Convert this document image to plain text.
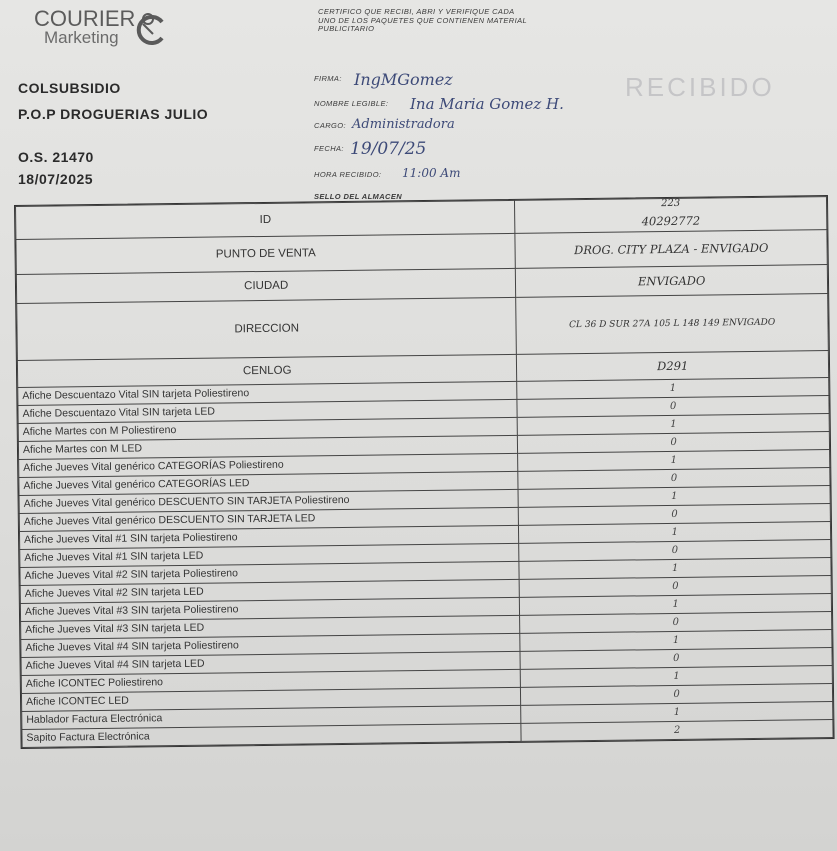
COURIER
Marketing
COLSUBSIDIO
P.O.P DROGUERIAS JULIO
O.S. 21470
18/07/2025
CERTIFICO QUE RECIBI, ABRI Y VERIFIQUE CADA UNO DE LOS PAQUETES QUE CONTIENEN MATERIAL PUBLICITARIO
FIRMA: IngMGomez
NOMBRE LEGIBLE: Ina Maria Gomez H.
CARGO: Administradora
FECHA: 19/07/25
HORA RECIBIDO: 11:00 Am
SELLO DEL ALMACEN
RECIBIDO
ID	223
40292772

PUNTO DE VENTA	DROG. CITY PLAZA - ENVIGADO
CIUDAD	ENVIGADO
DIRECCION	CL 36 D SUR 27A 105 L 148 149 ENVIGADO
CENLOG	D291
Afiche Descuentazo Vital SIN tarjeta Poliestireno	1
Afiche Descuentazo Vital SIN tarjeta LED	0
Afiche Martes con M Poliestireno	1
Afiche Martes con M LED	0
Afiche Jueves Vital genérico CATEGORÍAS Poliestireno	1
Afiche Jueves Vital genérico CATEGORÍAS LED	0
Afiche Jueves Vital genérico DESCUENTO SIN TARJETA Poliestireno	1
Afiche Jueves Vital genérico DESCUENTO SIN TARJETA LED	0
Afiche Jueves Vital #1 SIN tarjeta Poliestireno	1
Afiche Jueves Vital #1 SIN tarjeta LED	0
Afiche Jueves Vital #2 SIN tarjeta Poliestireno	1
Afiche Jueves Vital #2 SIN tarjeta LED	0
Afiche Jueves Vital #3 SIN tarjeta Poliestireno	1
Afiche Jueves Vital #3 SIN tarjeta LED	0
Afiche Jueves Vital #4 SIN tarjeta Poliestireno	1
Afiche Jueves Vital #4 SIN tarjeta LED	0
Afiche ICONTEC Poliestireno	1
Afiche ICONTEC LED	0
Hablador Factura Electrónica	1
Sapito Factura Electrónica	2
